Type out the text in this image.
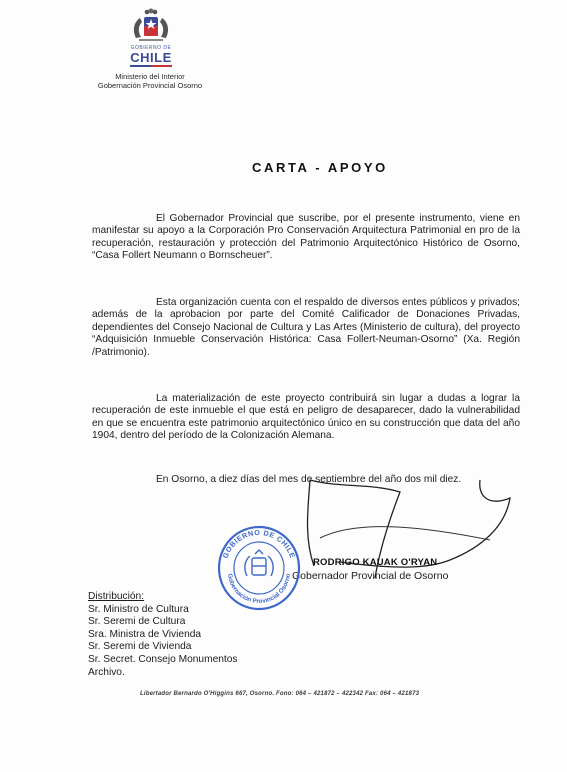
GOBIERNO DE
CHILE
Ministerio del Interior
Gobernación Provincial Osorno
CARTA - APOYO

El Gobernador Provincial que suscribe, por el presente instrumento, viene en manifestar su apoyo a la Corporación Pro Conservación Arquitectura Patrimonial en pro de la recuperación, restauración y protección del Patrimonio Arquitectónico Histórico de Osorno, “Casa Follert Neumann o Bornscheuer”.

Esta organización cuenta con el respaldo de diversos entes públicos y privados; además de la aprobacion por parte del Comité Calificador de Donaciones Privadas, dependientes del Consejo Nacional de Cultura y Las Artes (Ministerio de cultura), del proyecto “Adquisición Inmueble Conservación Histórica: Casa Follert-Neuman-Osorno” (Xa. Región /Patrimonio).

La materialización de este proyecto contribuirá sin lugar a dudas a lograr la recuperación de este inmueble el que está en peligro de desaparecer, dado la vulnerabilidad en que se encuentra este patrimonio arquitectónico único en su construcción que data del año 1904, dentro del período de la Colonización Alemana.

En Osorno, a diez días del mes de septiembre del año dos mil diez.

RODRIGO KAUAK O'RYAN
Gobernador Provincial de Osorno
GOBIERNO DE CHILE
Gobernación Provincial Osorno
Distribución:
Sr. Ministro de Cultura
Sr. Seremi de Cultura
Sra. Ministra de Vivienda
Sr. Seremi de Vivienda
Sr. Secret. Consejo Monumentos
Archivo.
Libertador Bernardo O'Higgins 667, Osorno. Fono: 064 – 421872 – 422342 Fax: 064 – 421873
